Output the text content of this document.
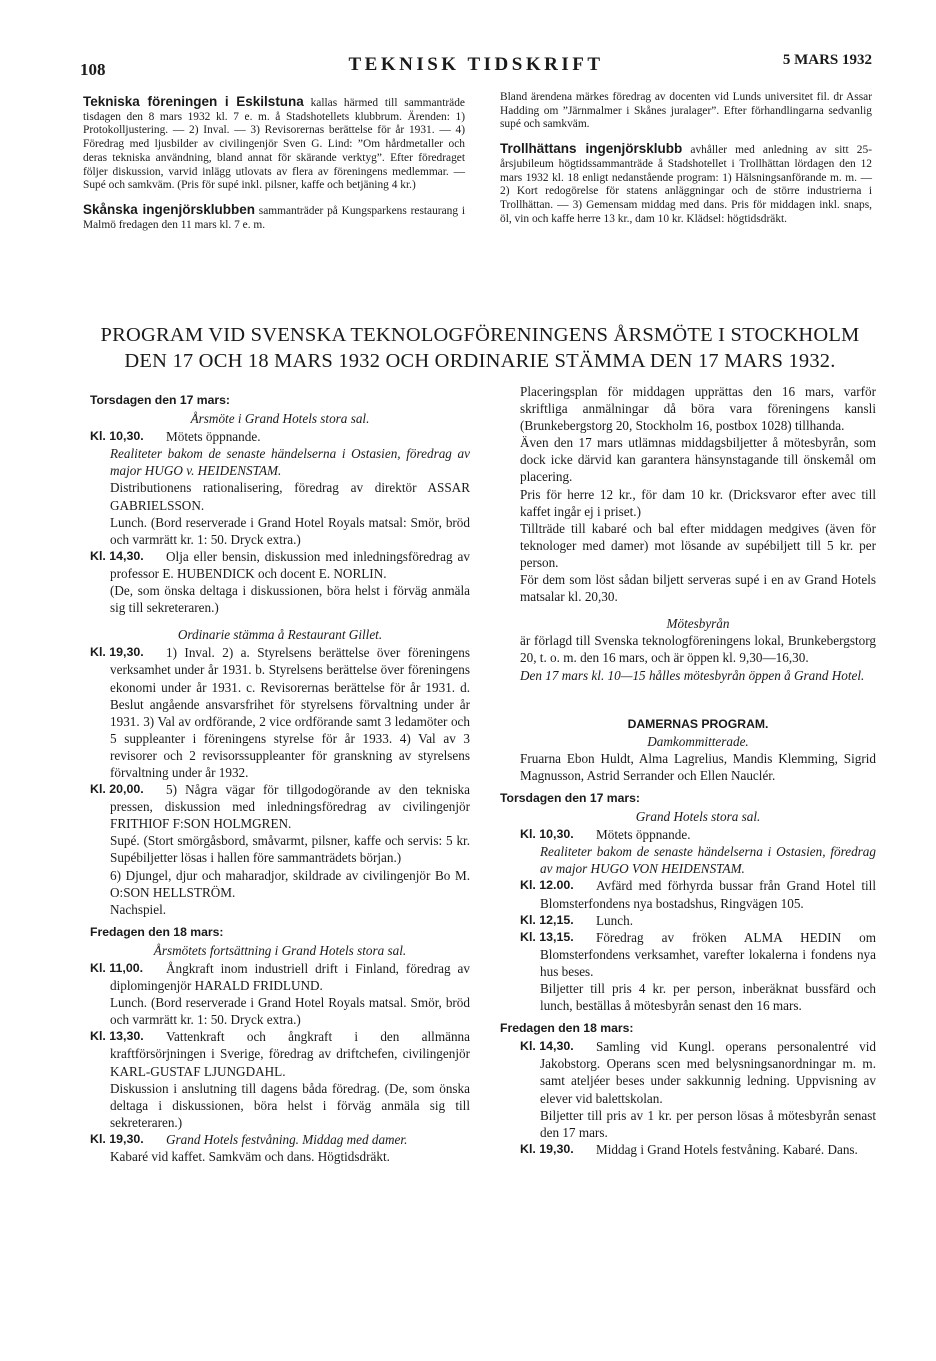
108	TEKNISK TIDSKRIFT	5 MARS 1932

Tekniska föreningen i Eskilstuna kallas härmed till sammanträde tisdagen den 8 mars 1932 kl. 7 e. m. å Stadshotellets klubbrum. Ärenden: 1) Protokolljustering. — 2) Inval. — 3) Revisorernas berättelse för år 1931. — 4) Föredrag med ljusbilder av civilingenjör Sven G. Lind: ”Om hårdmetaller och deras tekniska användning, bland annat för skärande verktyg”. Efter föredraget följer diskussion, varvid inlägg utlovats av flera av föreningens medlemmar. — Supé och samkväm. (Pris för supé inkl. pilsner, kaffe och betjäning 4 kr.)

Skånska ingenjörsklubben sammanträder på Kungsparkens restaurang i Malmö fredagen den 11 mars kl. 7 e. m.

Bland ärendena märkes föredrag av docenten vid Lunds universitet fil. dr Assar Hadding om ”Järnmalmer i Skånes juralager”. Efter förhandlingarna sedvanlig supé och samkväm.

Trollhättans ingenjörsklubb avhåller med anledning av sitt 25-årsjubileum högtidssammanträde å Stadshotellet i Trollhättan lördagen den 12 mars 1932 kl. 18 enligt nedanstående program: 1) Hälsningsanförande m. m. — 2) Kort redogörelse för statens anläggningar och de större industrierna i Trollhättan. — 3) Gemensam middag med dans. Pris för middagen inkl. snaps, öl, vin och kaffe herre 13 kr., dam 10 kr. Klädsel: högtidsdräkt.

PROGRAM VID SVENSKA TEKNOLOGFÖRENINGENS ÅRSMÖTE I STOCKHOLM
DEN 17 OCH 18 MARS 1932 OCH ORDINARIE STÄMMA DEN 17 MARS 1932.
Torsdagen den 17 mars:
Årsmöte i Grand Hotels stora sal.
Kl. 10,30. Mötets öppnande.
Realiteter bakom de senaste händelserna i Ostasien, föredrag av major HUGO v. HEIDENSTAM.
Distributionens rationalisering, föredrag av direktör ASSAR GABRIELSSON.
Lunch. (Bord reserverade i Grand Hotel Royals matsal: Smör, bröd och varmrätt kr. 1: 50. Dryck extra.)
Kl. 14,30. Olja eller bensin, diskussion med inledningsföredrag av professor E. HUBENDICK och docent E. NORLIN.
(De, som önska deltaga i diskussionen, böra helst i förväg anmäla sig till sekreteraren.)
Ordinarie stämma å Restaurant Gillet.
Kl. 19,30. 1) Inval. 2) a. Styrelsens berättelse över föreningens verksamhet under år 1931. b. Styrelsens berättelse över föreningens ekonomi under år 1931. c. Revisorernas berättelse för år 1931. d. Beslut angående ansvarsfrihet för styrelsens förvaltning under år 1931. 3) Val av ordförande, 2 vice ordförande samt 3 ledamöter och 5 suppleanter i föreningens styrelse för år 1933. 4) Val av 3 revisorer och 2 revisorssuppleanter för granskning av styrelsens förvaltning under år 1932.
Kl. 20,00. 5) Några vägar för tillgodogörande av den tekniska pressen, diskussion med inledningsföredrag av civilingenjör FRITHIOF F:SON HOLMGREN.
Supé. (Stort smörgåsbord, småvarmt, pilsner, kaffe och servis: 5 kr. Supébiljetter lösas i hallen före sammanträdets början.)
6) Djungel, djur och maharadjor, skildrade av civilingenjör Bo M. O:SON HELLSTRÖM.
Nachspiel.
Fredagen den 18 mars:
Årsmötets fortsättning i Grand Hotels stora sal.
Kl. 11,00. Ångkraft inom industriell drift i Finland, föredrag av diplomingenjör HARALD FRIDLUND.
Lunch. (Bord reserverade i Grand Hotel Royals matsal. Smör, bröd och varmrätt kr. 1: 50. Dryck extra.)
Kl. 13,30. Vattenkraft och ångkraft i den allmänna kraftförsörjningen i Sverige, föredrag av driftchefen, civilingenjör KARL-GUSTAF LJUNGDAHL.
Diskussion i anslutning till dagens båda föredrag. (De, som önska deltaga i diskussionen, böra helst i förväg anmäla sig till sekreteraren.)
Kl. 19,30. Grand Hotels festvåning. Middag med damer.
Kabaré vid kaffet. Samkväm och dans. Högtidsdräkt.

Placeringsplan för middagen upprättas den 16 mars, varför skriftliga anmälningar då böra vara föreningens kansli (Brunkebergstorg 20, Stockholm 16, postbox 1028) tillhanda.

Även den 17 mars utlämnas middagsbiljetter å mötesbyrån, som dock icke därvid kan garantera hänsynstagande till önskemål om placering.

Pris för herre 12 kr., för dam 10 kr. (Dricksvaror efter avec till kaffet ingår ej i priset.)

Tillträde till kabaré och bal efter middagen medgives (även för teknologer med damer) mot lösande av supébiljett till 5 kr. per person.

För dem som löst sådan biljett serveras supé i en av Grand Hotels matsalar kl. 20,30.

Mötesbyrån

är förlagd till Svenska teknologföreningens lokal, Brunkebergstorg 20, t. o. m. den 16 mars, och är öppen kl. 9,30—16,30.

Den 17 mars kl. 10—15 hålles mötesbyrån öppen å Grand Hotel.

DAMERNAS PROGRAM.
Damkommitterade.

Fruarna Ebon Huldt, Alma Lagrelius, Mandis Klemming, Sigrid Magnusson, Astrid Serrander och Ellen Nauclér.

Torsdagen den 17 mars:
Grand Hotels stora sal.
Kl. 10,30. Mötets öppnande.
Realiteter bakom de senaste händelserna i Ostasien, föredrag av major HUGO VON HEIDENSTAM.
Kl. 12.00. Avfärd med förhyrda bussar från Grand Hotel till Blomsterfondens nya bostadshus, Ringvägen 105.
Kl. 12,15. Lunch.
Kl. 13,15. Föredrag av fröken ALMA HEDIN om Blomsterfondens verksamhet, varefter lokalerna i fondens nya hus beses.
Biljetter till pris 4 kr. per person, inberäknat bussfärd och lunch, beställas å mötesbyrån senast den 16 mars.
Fredagen den 18 mars:
Kl. 14,30. Samling vid Kungl. operans personalentré vid Jakobstorg. Operans scen med belysningsanordningar m. m. samt ateljéer beses under sakkunnig ledning. Uppvisning av elever vid balettskolan.
Biljetter till pris av 1 kr. per person lösas å mötesbyrån senast den 17 mars.
Kl. 19,30. Middag i Grand Hotels festvåning. Kabaré. Dans.
